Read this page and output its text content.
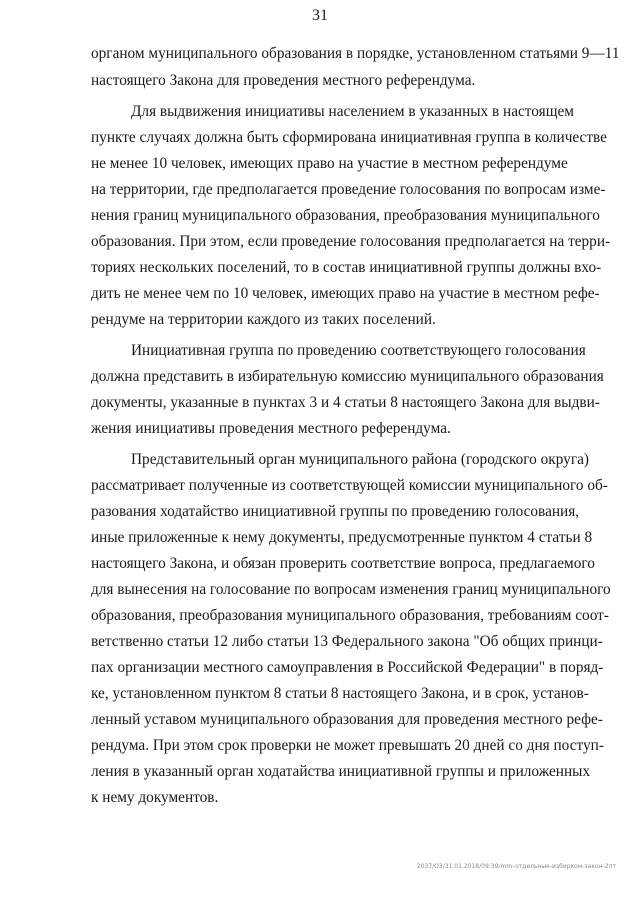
31
органом муниципального образования в порядке, установленном статьями 9—11
настоящего Закона для проведения местного референдума.
Для выдвижения инициативы населением в указанных в настоящем
пункте случаях должна быть сформирована инициативная группа в количестве
не менее 10 человек, имеющих право на участие в местном референдуме
на территории, где предполагается проведение голосования по вопросам изме-
нения границ муниципального образования, преобразования муниципального
образования. При этом, если проведение голосования предполагается на терри-
ториях нескольких поселений, то в состав инициативной группы должны вхо-
дить не менее чем по 10 человек, имеющих право на участие в местном рефе-
рендуме на территории каждого из таких поселений.
Инициативная группа по проведению соответствующего голосования
должна представить в избирательную комиссию муниципального образования
документы, указанные в пунктах 3 и 4 статьи 8 настоящего Закона для выдви-
жения инициативы проведения местного референдума.
Представительный орган муниципального района (городского округа)
рассматривает полученные из соответствующей комиссии муниципального об-
разования ходатайство инициативной группы по проведению голосования,
иные приложенные к нему документы, предусмотренные пунктом 4 статьи 8
настоящего Закона, и обязан проверить соответствие вопроса, предлагаемого
для вынесения на голосование по вопросам изменения границ муниципального
образования, преобразования муниципального образования, требованиям соот-
ветственно статьи 12 либо статьи 13 Федерального закона "Об общих принци-
пах организации местного самоуправления в Российской Федерации" в поряд-
ке, установленном пунктом 8 статьи 8 настоящего Закона, и в срок, установ-
ленный уставом муниципального образования для проведения местного рефе-
рендума. При этом срок проверки не может превышать 20 дней со дня поступ-
ления в указанный орган ходатайства инициативной группы и приложенных
к нему документов.
2037/ОЗ/31.01.2018/09:39/mm–отдельные-избирком-закон-2пт
